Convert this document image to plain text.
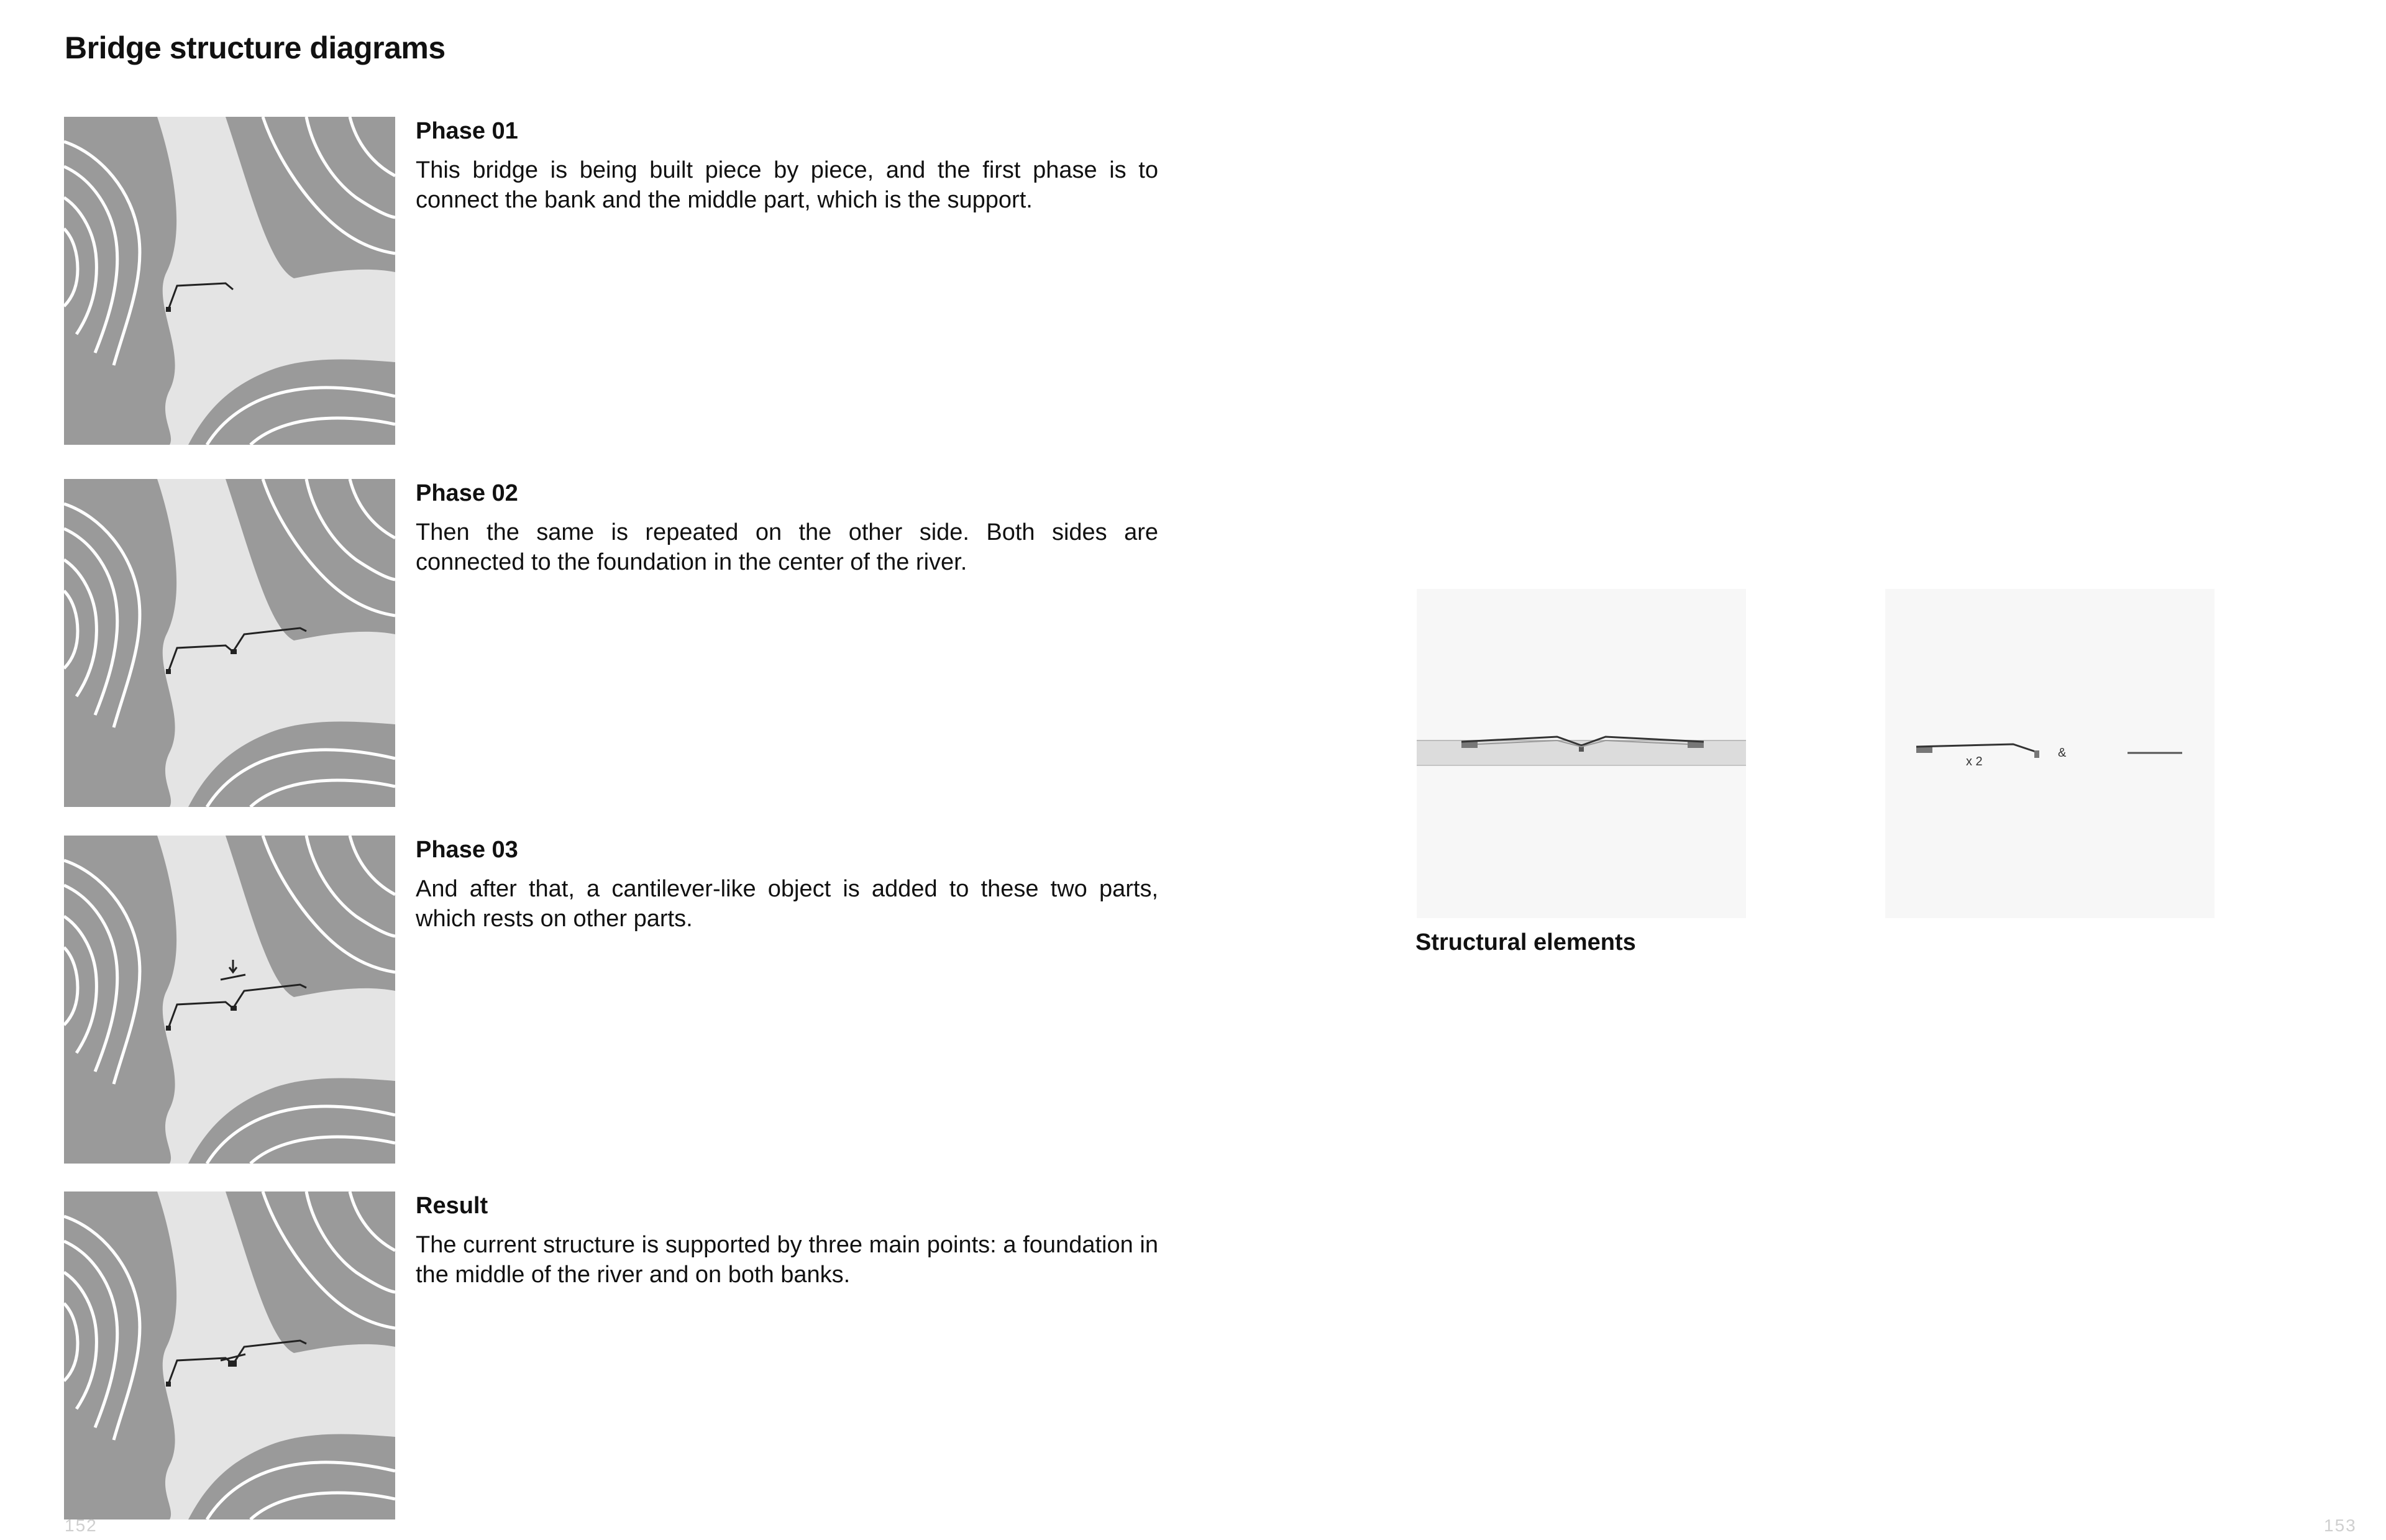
Bridge structure diagrams
Phase 01

This bridge is being built piece by piece, and the first phase is to connect the bank and the middle part, which is the support.

Phase 02

Then the same is repeated on the other side. Both sides are connected to the foundation in the center of the river.

Phase 03

And after that, a cantilever-like object is added to these two parts, which rests on other parts.

Result

The current structure is supported by three main points: a foundation in the middle of the river and on both banks.

x 2
&

Structural elements

152	153
